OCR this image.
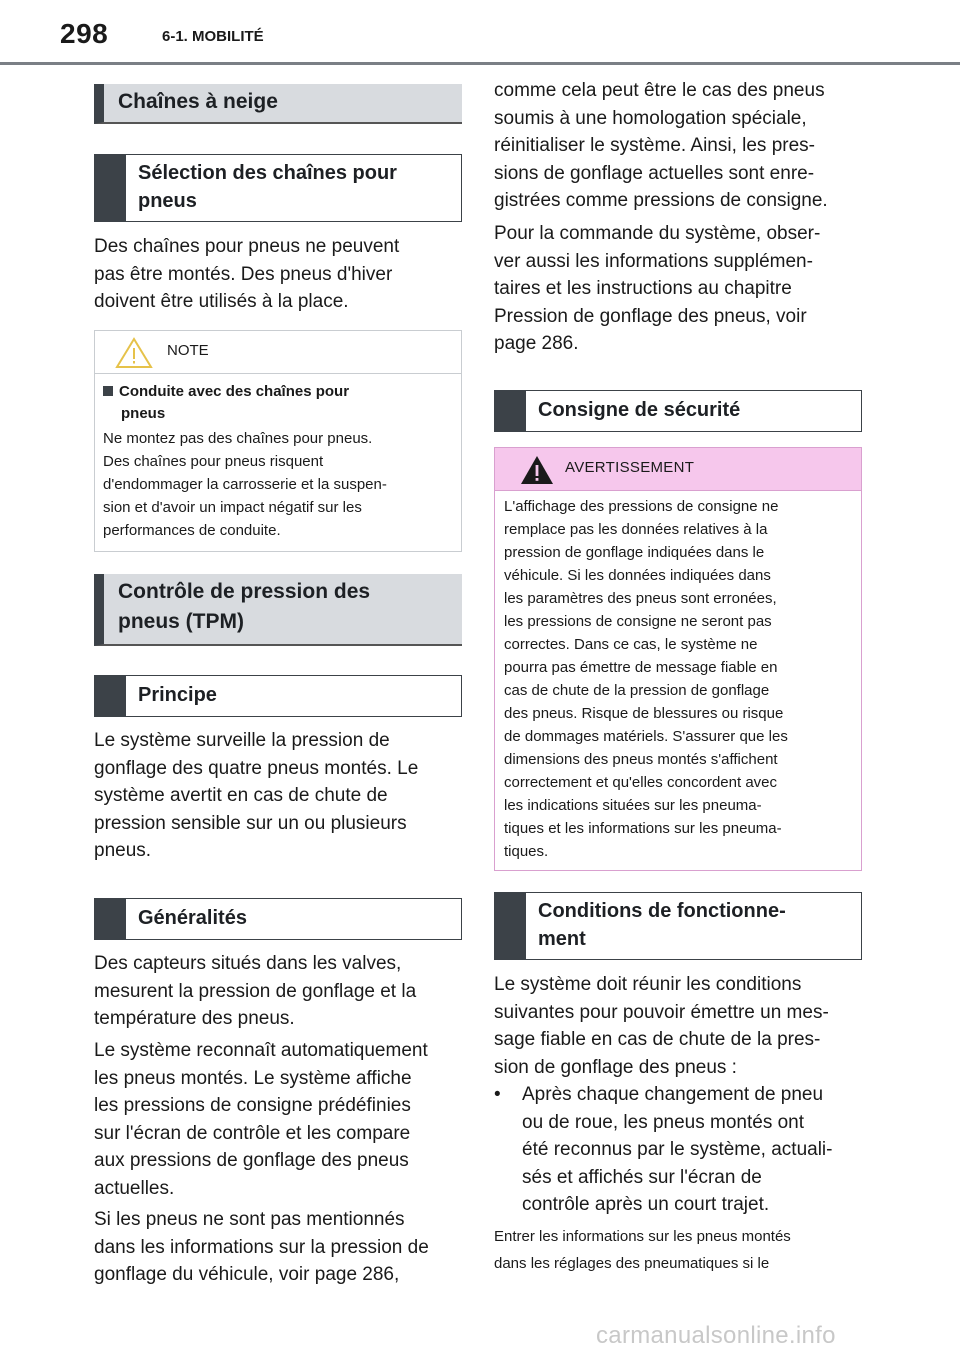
298	6-1. MOBILITÉ
Chaînes à neige
Sélection des chaînes pour
pneus
Des chaînes pour pneus ne peuvent
pas être montés. Des pneus d'hiver
doivent être utilisés à la place.
NOTE
Conduite avec des chaînes pour
pneus
Ne montez pas des chaînes pour pneus.
Des chaînes pour pneus risquent
d'endommager la carrosserie et la suspen-
sion et d'avoir un impact négatif sur les
performances de conduite.
Contrôle de pression des
pneus (TPM)
Principe
Le système surveille la pression de
gonflage des quatre pneus montés. Le
système avertit en cas de chute de
pression sensible sur un ou plusieurs
pneus.
Généralités
Des capteurs situés dans les valves,
mesurent la pression de gonflage et la
température des pneus.
Le système reconnaît automatiquement
les pneus montés. Le système affiche
les pressions de consigne prédéfinies
sur l'écran de contrôle et les compare
aux pressions de gonflage des pneus
actuelles.
Si les pneus ne sont pas mentionnés
dans les informations sur la pression de
gonflage du véhicule, voir page 286,
comme cela peut être le cas des pneus
soumis à une homologation spéciale,
réinitialiser le système. Ainsi, les pres-
sions de gonflage actuelles sont enre-
gistrées comme pressions de consigne.
Pour la commande du système, obser-
ver aussi les informations supplémen-
taires et les instructions au chapitre
Pression de gonflage des pneus, voir
page 286.
Consigne de sécurité
AVERTISSEMENT
L'affichage des pressions de consigne ne
remplace pas les données relatives à la
pression de gonflage indiquées dans le
véhicule. Si les données indiquées dans
les paramètres des pneus sont erronées,
les pressions de consigne ne seront pas
correctes. Dans ce cas, le système ne
pourra pas émettre de message fiable en
cas de chute de la pression de gonflage
des pneus. Risque de blessures ou risque
de dommages matériels. S'assurer que les
dimensions des pneus montés s'affichent
correctement et qu'elles concordent avec
les indications situées sur les pneuma-
tiques et les informations sur les pneuma-
tiques.
Conditions de fonctionne-
ment
Le système doit réunir les conditions
suivantes pour pouvoir émettre un mes-
sage fiable en cas de chute de la pres-
sion de gonflage des pneus :
• Après chaque changement de pneu
ou de roue, les pneus montés ont
été reconnus par le système, actuali-
sés et affichés sur l'écran de
contrôle après un court trajet.
Entrer les informations sur les pneus montés
dans les réglages des pneumatiques si le
carmanualsonline.info
